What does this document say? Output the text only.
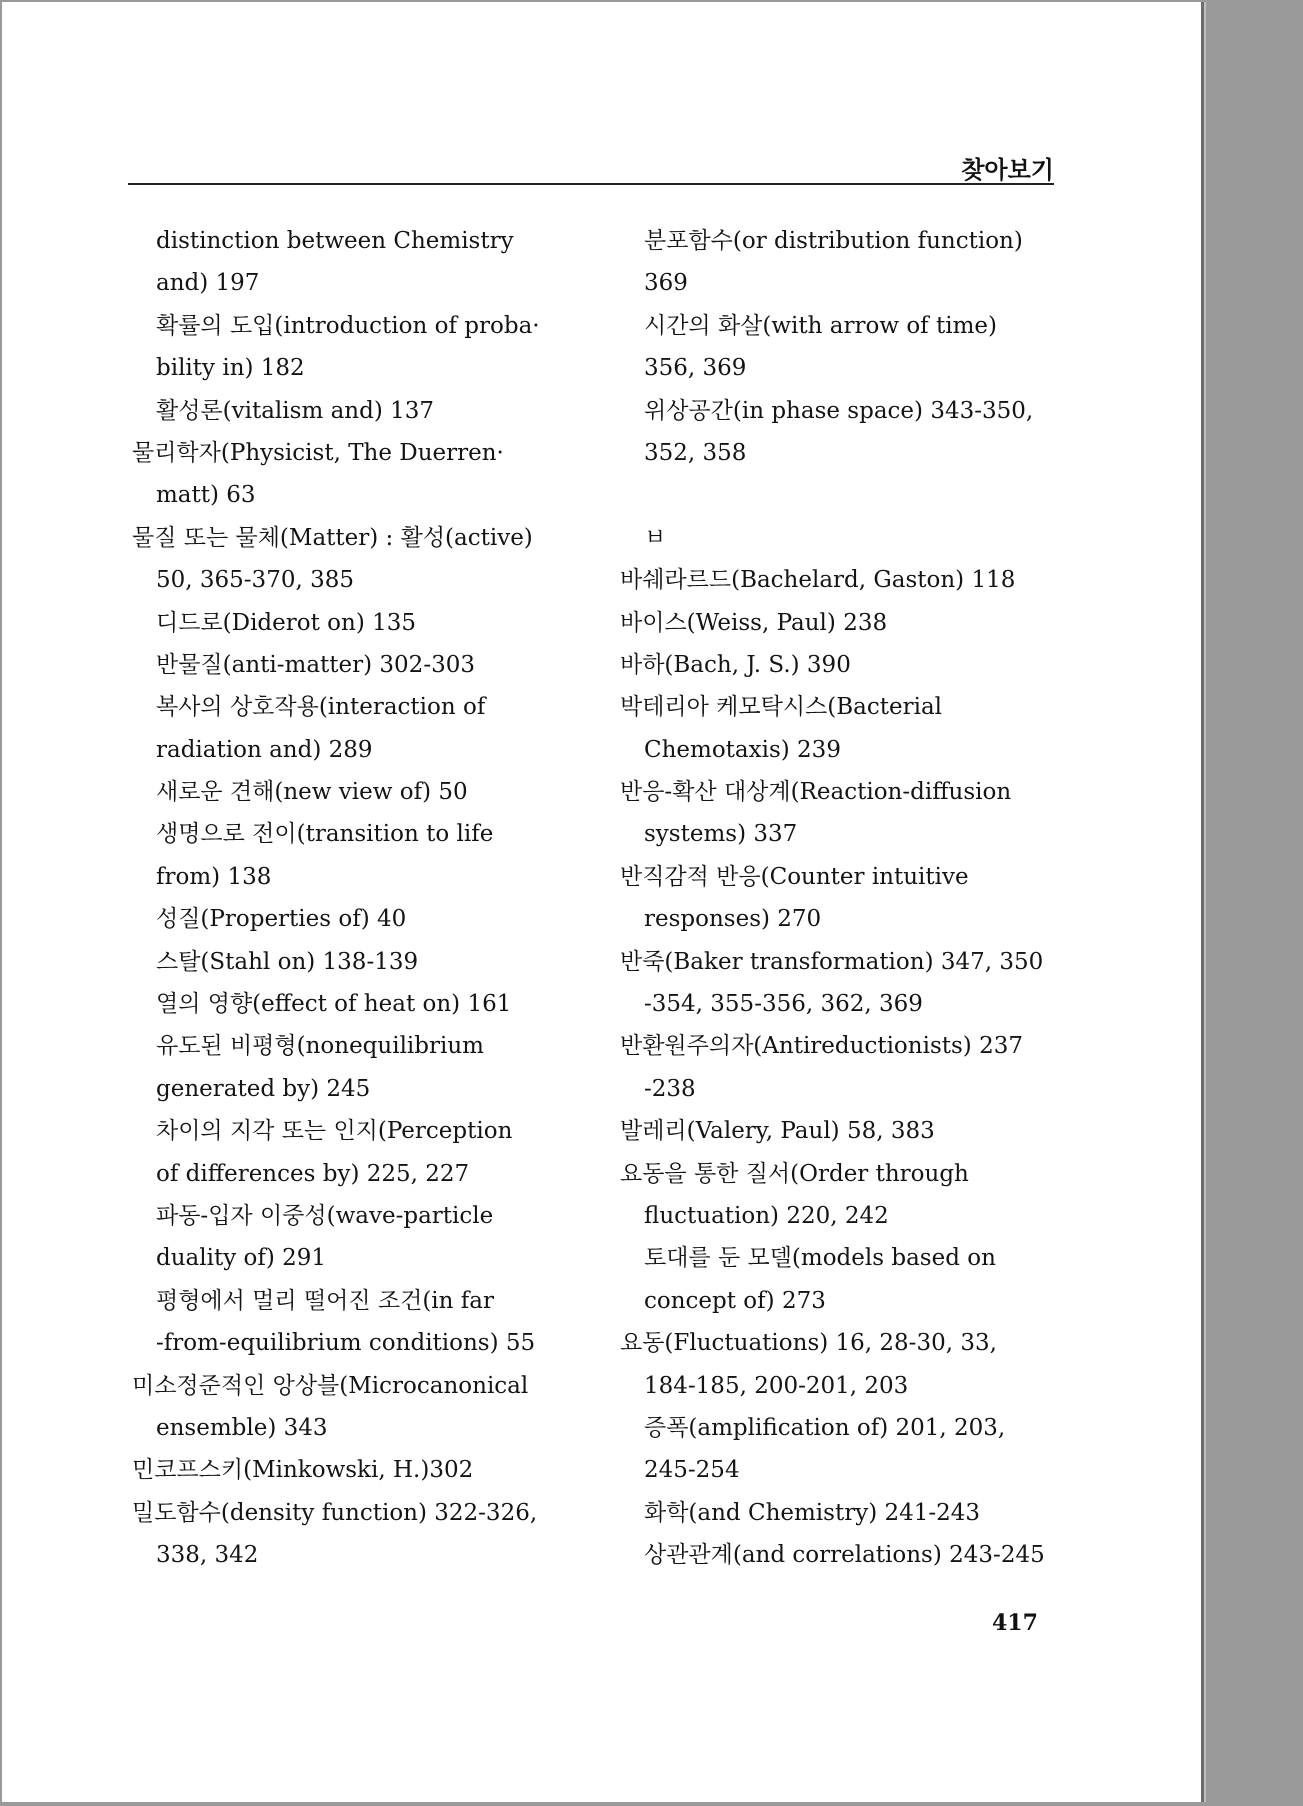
찾아보기
distinction between Chemistry
and) 197
확률의 도입(introduction of proba·
bility in) 182
활성론(vitalism and) 137
물리학자(Physicist, The Duerren·
matt) 63
물질 또는 물체(Matter) : 활성(active)
50, 365-370, 385
디드로(Diderot on) 135
반물질(anti-matter) 302-303
복사의 상호작용(interaction of
radiation and) 289
새로운 견해(new view of) 50
생명으로 전이(transition to life
from) 138
성질(Properties of) 40
스탈(Stahl on) 138-139
열의 영향(effect of heat on) 161
유도된 비평형(nonequilibrium
generated by) 245
차이의 지각 또는 인지(Perception
of differences by) 225, 227
파동-입자 이중성(wave-particle
duality of) 291
평형에서 멀리 떨어진 조건(in far
-from-equilibrium conditions) 55
미소정준적인 앙상블(Microcanonical
ensemble) 343
민코프스키(Minkowski, H.)302
밀도함수(density function) 322-326,
338, 342
분포함수(or distribution function)
369
시간의 화살(with arrow of time)
356, 369
위상공간(in phase space) 343-350,
352, 358
ㅂ
바쉐라르드(Bachelard, Gaston) 118
바이스(Weiss, Paul) 238
바하(Bach, J. S.) 390
박테리아 케모탁시스(Bacterial
Chemotaxis) 239
반응-확산 대상계(Reaction-diffusion
systems) 337
반직감적 반응(Counter intuitive
responses) 270
반죽(Baker transformation) 347, 350
-354, 355-356, 362, 369
반환원주의자(Antireductionists) 237
-238
발레리(Valery, Paul) 58, 383
요동을 통한 질서(Order through
fluctuation) 220, 242
토대를 둔 모델(models based on
concept of) 273
요동(Fluctuations) 16, 28-30, 33,
184-185, 200-201, 203
증폭(amplification of) 201, 203,
245-254
화학(and Chemistry) 241-243
상관관계(and correlations) 243-245
417
